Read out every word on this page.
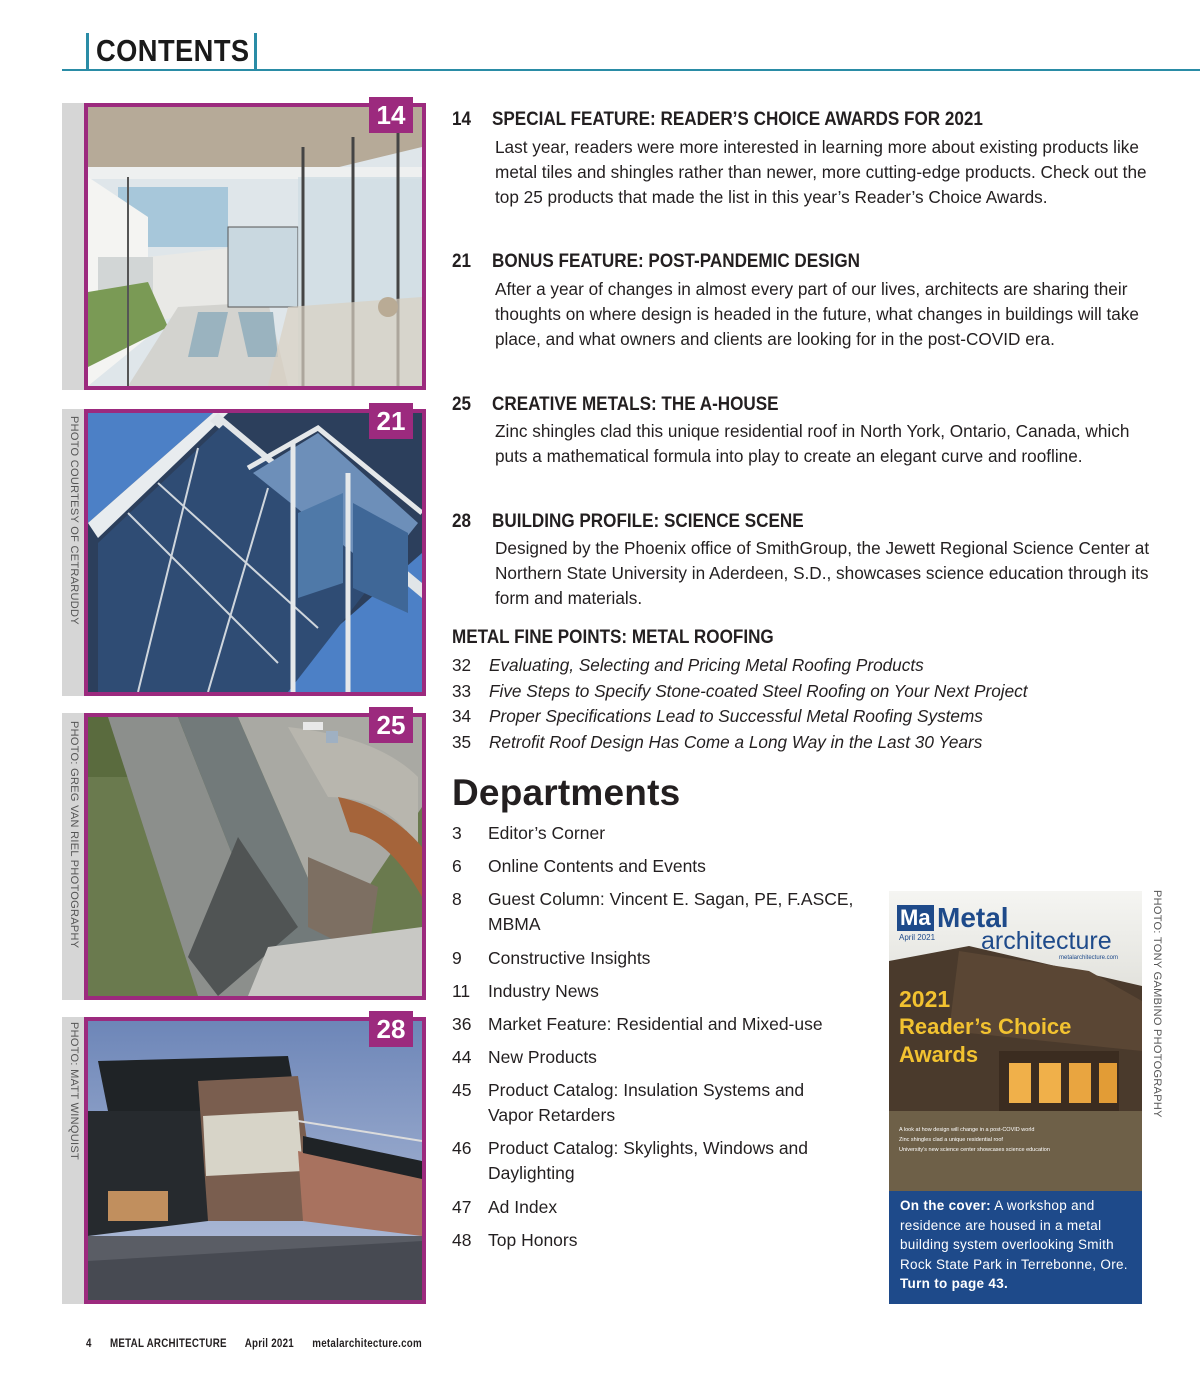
CONTENTS
PHOTO COURTESY OF CETRARUDDY
PHOTO: GREG VAN RIEL PHOTOGRAPHY
PHOTO: MATT WINQUIST
14
21
25
28
14 SPECIAL FEATURE: READER’S CHOICE AWARDS FOR 2021
Last year, readers were more interested in learning more about existing products like metal tiles and shingles rather than newer, more cutting-edge products. Check out the top 25 products that made the list in this year’s Reader’s Choice Awards.
21 BONUS FEATURE: POST-PANDEMIC DESIGN
After a year of changes in almost every part of our lives, architects are sharing their thoughts on where design is headed in the future, what changes in buildings will take place, and what owners and clients are looking for in the post-COVID era.
25 CREATIVE METALS: THE A-HOUSE
Zinc shingles clad this unique residential roof in North York, Ontario, Canada, which puts a mathematical formula into play to create an elegant curve and roofline.
28 BUILDING PROFILE: SCIENCE SCENE
Designed by the Phoenix office of SmithGroup, the Jewett Regional Science Center at Northern State University in Aderdeen, S.D., showcases science education through its form and materials.
METAL FINE POINTS: METAL ROOFING
32 Evaluating, Selecting and Pricing Metal Roofing Products
33 Five Steps to Specify Stone-coated Steel Roofing on Your Next Project
34 Proper Specifications Lead to Successful Metal Roofing Systems
35 Retrofit Roof Design Has Come a Long Way in the Last 30 Years
Departments
3 Editor’s Corner
6 Online Contents and Events
8 Guest Column: Vincent E. Sagan, PE, F.ASCE, MBMA
9 Constructive Insights
11 Industry News
36 Market Feature: Residential and Mixed-use
44 New Products
45 Product Catalog: Insulation Systems and Vapor Retarders
46 Product Catalog: Skylights, Windows and Daylighting
47 Ad Index
48 Top Honors
Ma Metal
architecture
April 2021
metalarchitecture.com
2021
Reader’s Choice
Awards
A look at how design will change in a post-COVID world
Zinc shingles clad a unique residential roof
University’s new science center showcases science education
On the cover: A workshop and residence are housed in a metal building system overlooking Smith Rock State Park in Terrebonne, Ore. Turn to page 43.
PHOTO: TONY GAMBINO PHOTOGRAPHY
4 METAL ARCHITECTURE April 2021 metalarchitecture.com
